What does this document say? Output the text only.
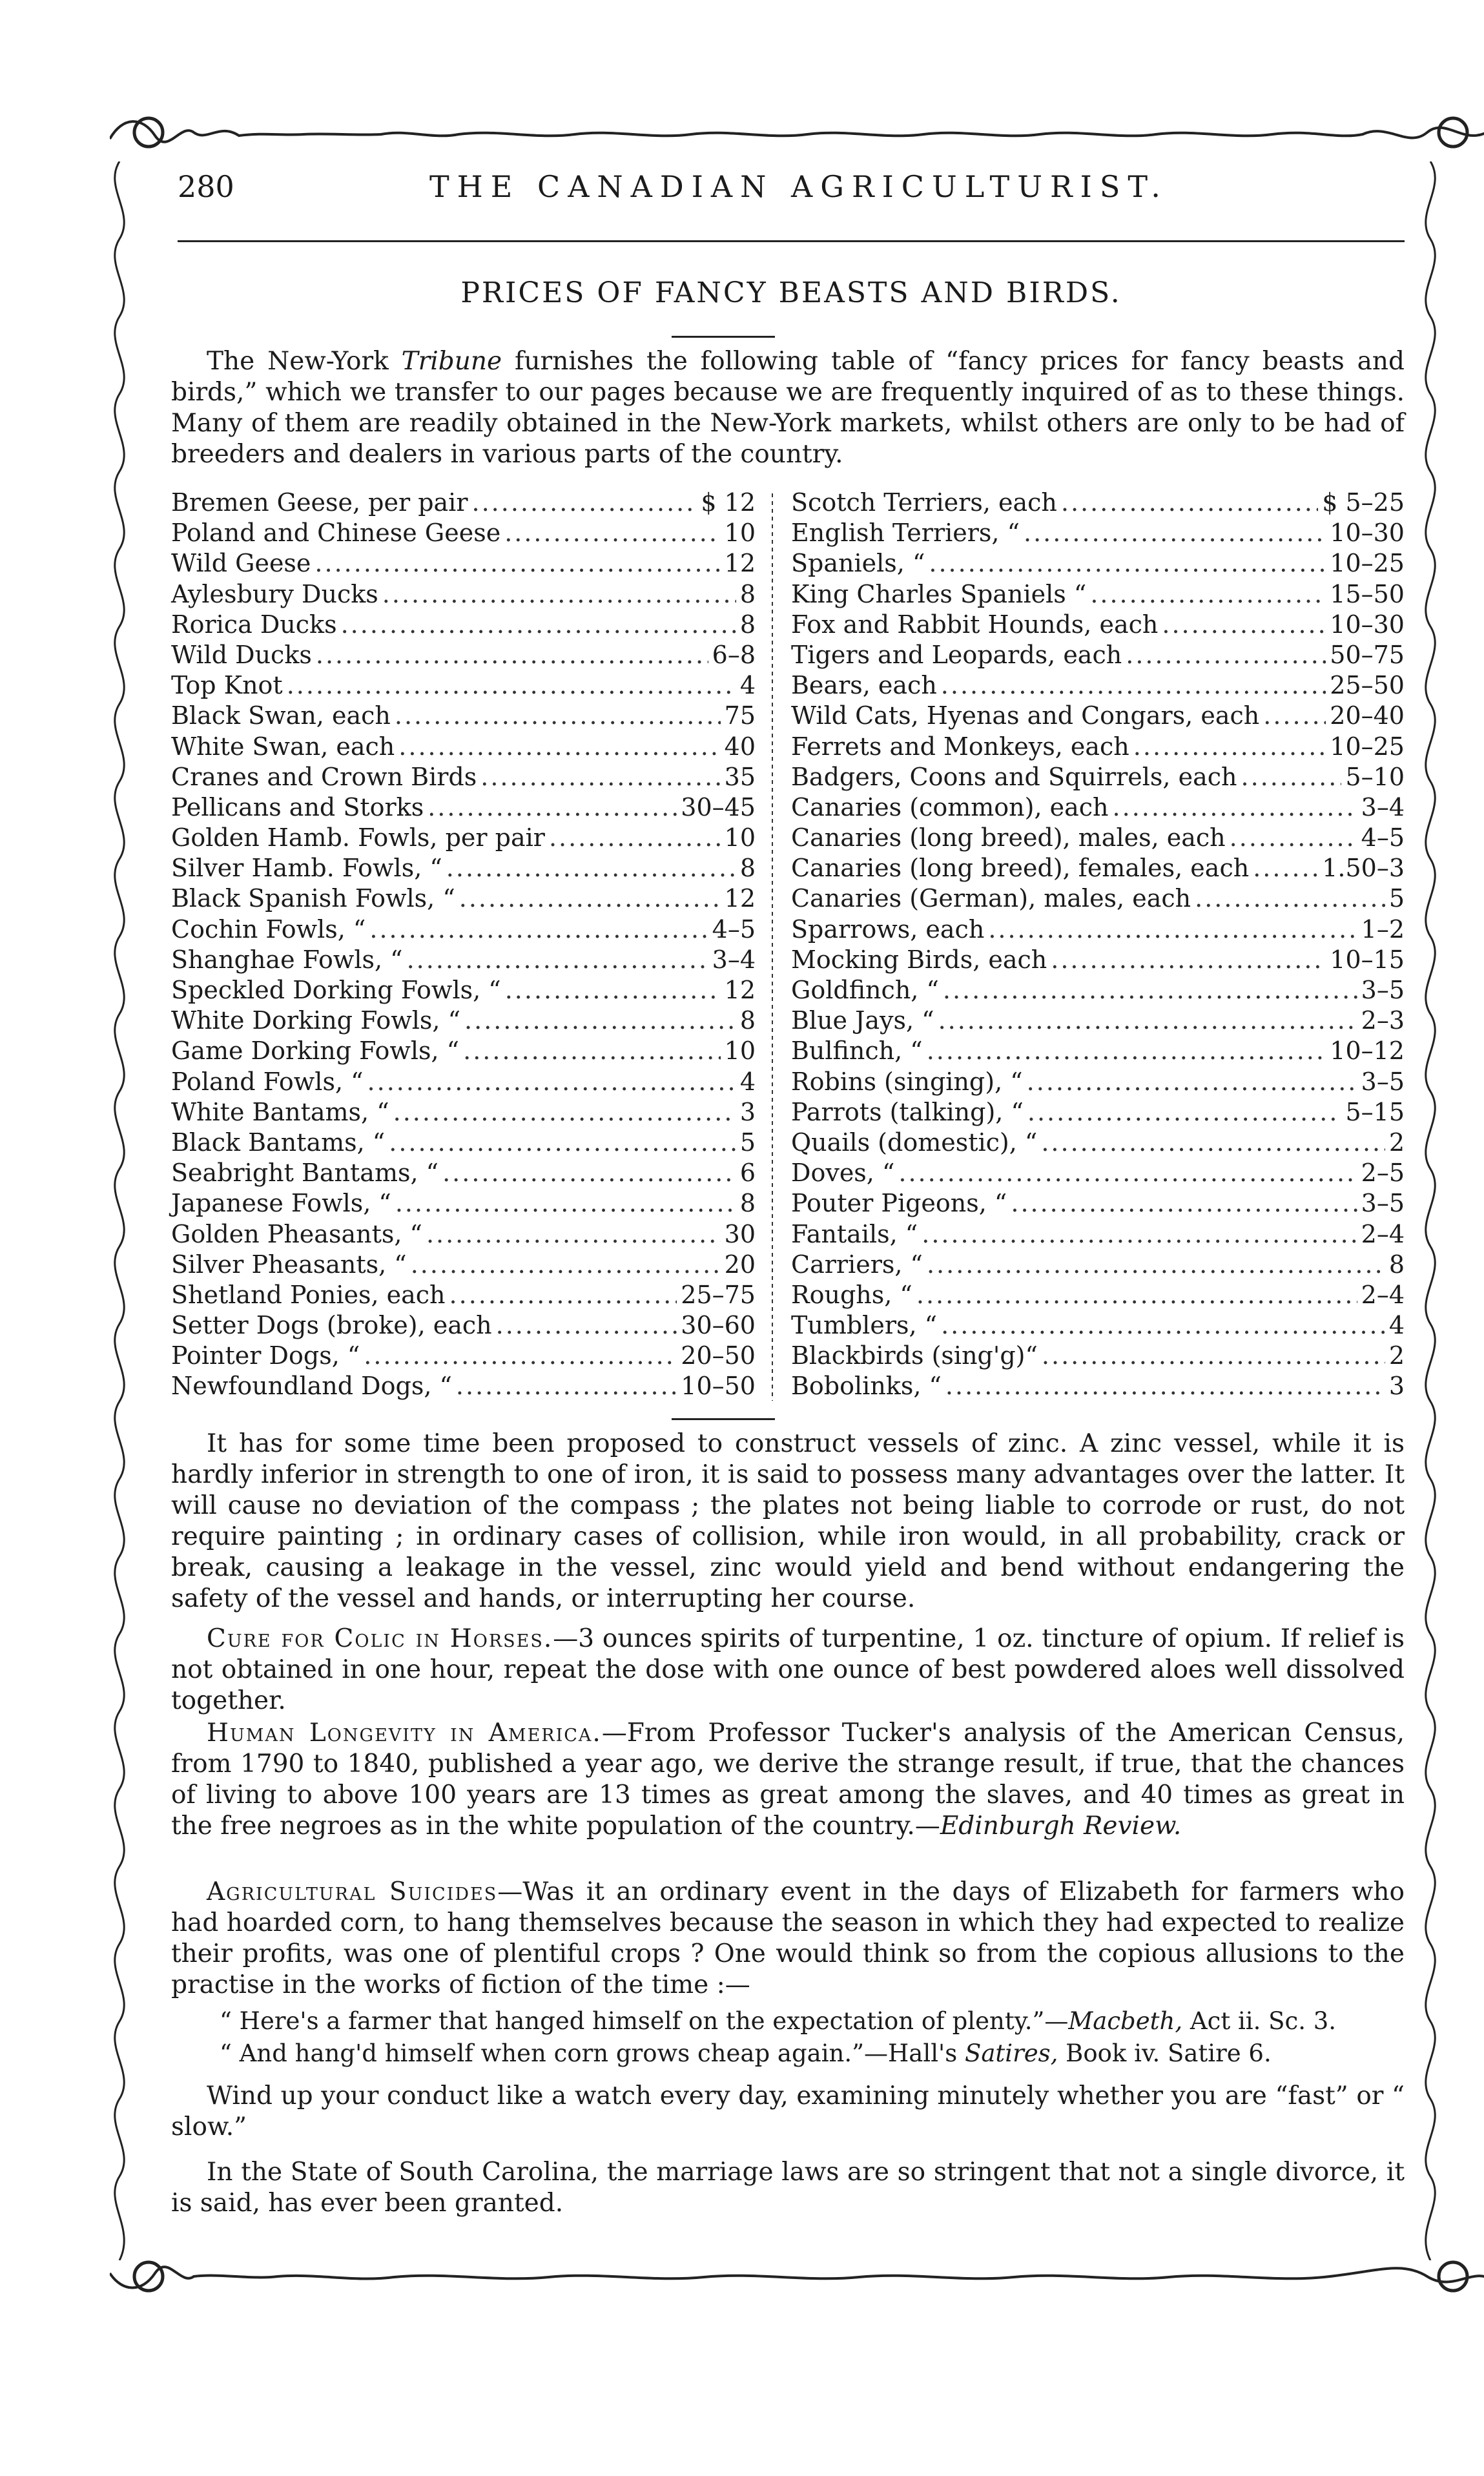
280	THE CANADIAN AGRICULTURIST.
PRICES OF FANCY BEASTS AND BIRDS.

The New-York Tribune furnishes the following table of “fancy prices for fancy beasts and birds,” which we transfer to our pages because we are frequently inquired of as to these things. Many of them are readily obtained in the New-York markets, whilst others are only to be had of breeders and dealers in various parts of the country.

Bremen Geese, per pair .....	$ 12
Poland and Chinese Geese .....	10
Wild Geese .....	12
Aylesbury Ducks .....	8
Rorica Ducks .....	8
Wild Ducks .....	6–8
Top Knot .....	4
Black Swan, each .....	75
White Swan, each .....	40
Cranes and Crown Birds .....	35
Pellicans and Storks .....	30–45
Golden Hamb. Fowls, per pair .....	10
Silver Hamb. Fowls, “ .....	8
Black Spanish Fowls, “ .....	12
Cochin Fowls, “ .....	4–5
Shanghae Fowls, “ .....	3–4
Speckled Dorking Fowls, “ .....	12
White Dorking Fowls, “ .....	8
Game Dorking Fowls, “ .....	10
Poland Fowls, “ .....	4
White Bantams, “ .....	3
Black Bantams, “ .....	5
Seabright Bantams, “ .....	6
Japanese Fowls, “ .....	8
Golden Pheasants, “ .....	30
Silver Pheasants, “ .....	20
Shetland Ponies, each .....	25–75
Setter Dogs (broke), each .....	30–60
Pointer Dogs, “ .....	20–50
Newfoundland Dogs, “ .....	10–50
Scotch Terriers, each .....	$ 5–25
English Terriers, “ .....	10–30
Spaniels, “ .....	10–25
King Charles Spaniels “ .....	15–50
Fox and Rabbit Hounds, each .....	10–30
Tigers and Leopards, each .....	50–75
Bears, each .....	25–50
Wild Cats, Hyenas and Congars, each .....	20–40
Ferrets and Monkeys, each .....	10–25
Badgers, Coons and Squirrels, each .....	5–10
Canaries (common), each .....	3–4
Canaries (long breed), males, each .....	4–5
Canaries (long breed), females, each .....	1.50–3
Canaries (German), males, each .....	5
Sparrows, each .....	1–2
Mocking Birds, each .....	10–15
Goldfinch, “ .....	3–5
Blue Jays, “ .....	2–3
Bulfinch, “ .....	10–12
Robins (singing), “ .....	3–5
Parrots (talking), “ .....	5–15
Quails (domestic), “ .....	2
Doves, “ .....	2–5
Pouter Pigeons, “ .....	3–5
Fantails, “ .....	2–4
Carriers, “ .....	8
Roughs, “ .....	2–4
Tumblers, “ .....	4
Blackbirds (sing'g)“ .....	2
Bobolinks, “ .....	3

It has for some time been proposed to construct vessels of zinc. A zinc vessel, while it is hardly inferior in strength to one of iron, it is said to possess many advantages over the latter. It will cause no deviation of the compass ; the plates not being liable to corrode or rust, do not require painting ; in ordinary cases of collision, while iron would, in all probability, crack or break, causing a leakage in the vessel, zinc would yield and bend without endangering the safety of the vessel and hands, or interrupting her course.

Cure for Colic in Horses.—3 ounces spirits of turpentine, 1 oz. tincture of opium. If relief is not obtained in one hour, repeat the dose with one ounce of best powdered aloes well dissolved together.

Human Longevity in America.—From Professor Tucker's analysis of the American Census, from 1790 to 1840, published a year ago, we derive the strange result, if true, that the chances of living to above 100 years are 13 times as great among the slaves, and 40 times as great in the free negroes as in the white population of the country.—Edinburgh Review.

Agricultural Suicides—Was it an ordinary event in the days of Elizabeth for farmers who had hoarded corn, to hang themselves because the season in which they had expected to realize their profits, was one of plentiful crops ? One would think so from the copious allusions to the practise in the works of fiction of the time :—

“ Here's a farmer that hanged himself on the expectation of plenty.”—Macbeth, Act ii. Sc. 3.

“ And hang'd himself when corn grows cheap again.”—Hall's Satires, Book iv. Satire 6.

Wind up your conduct like a watch every day, examining minutely whether you are “fast” or “ slow.”

In the State of South Carolina, the marriage laws are so stringent that not a single divorce, it is said, has ever been granted.
